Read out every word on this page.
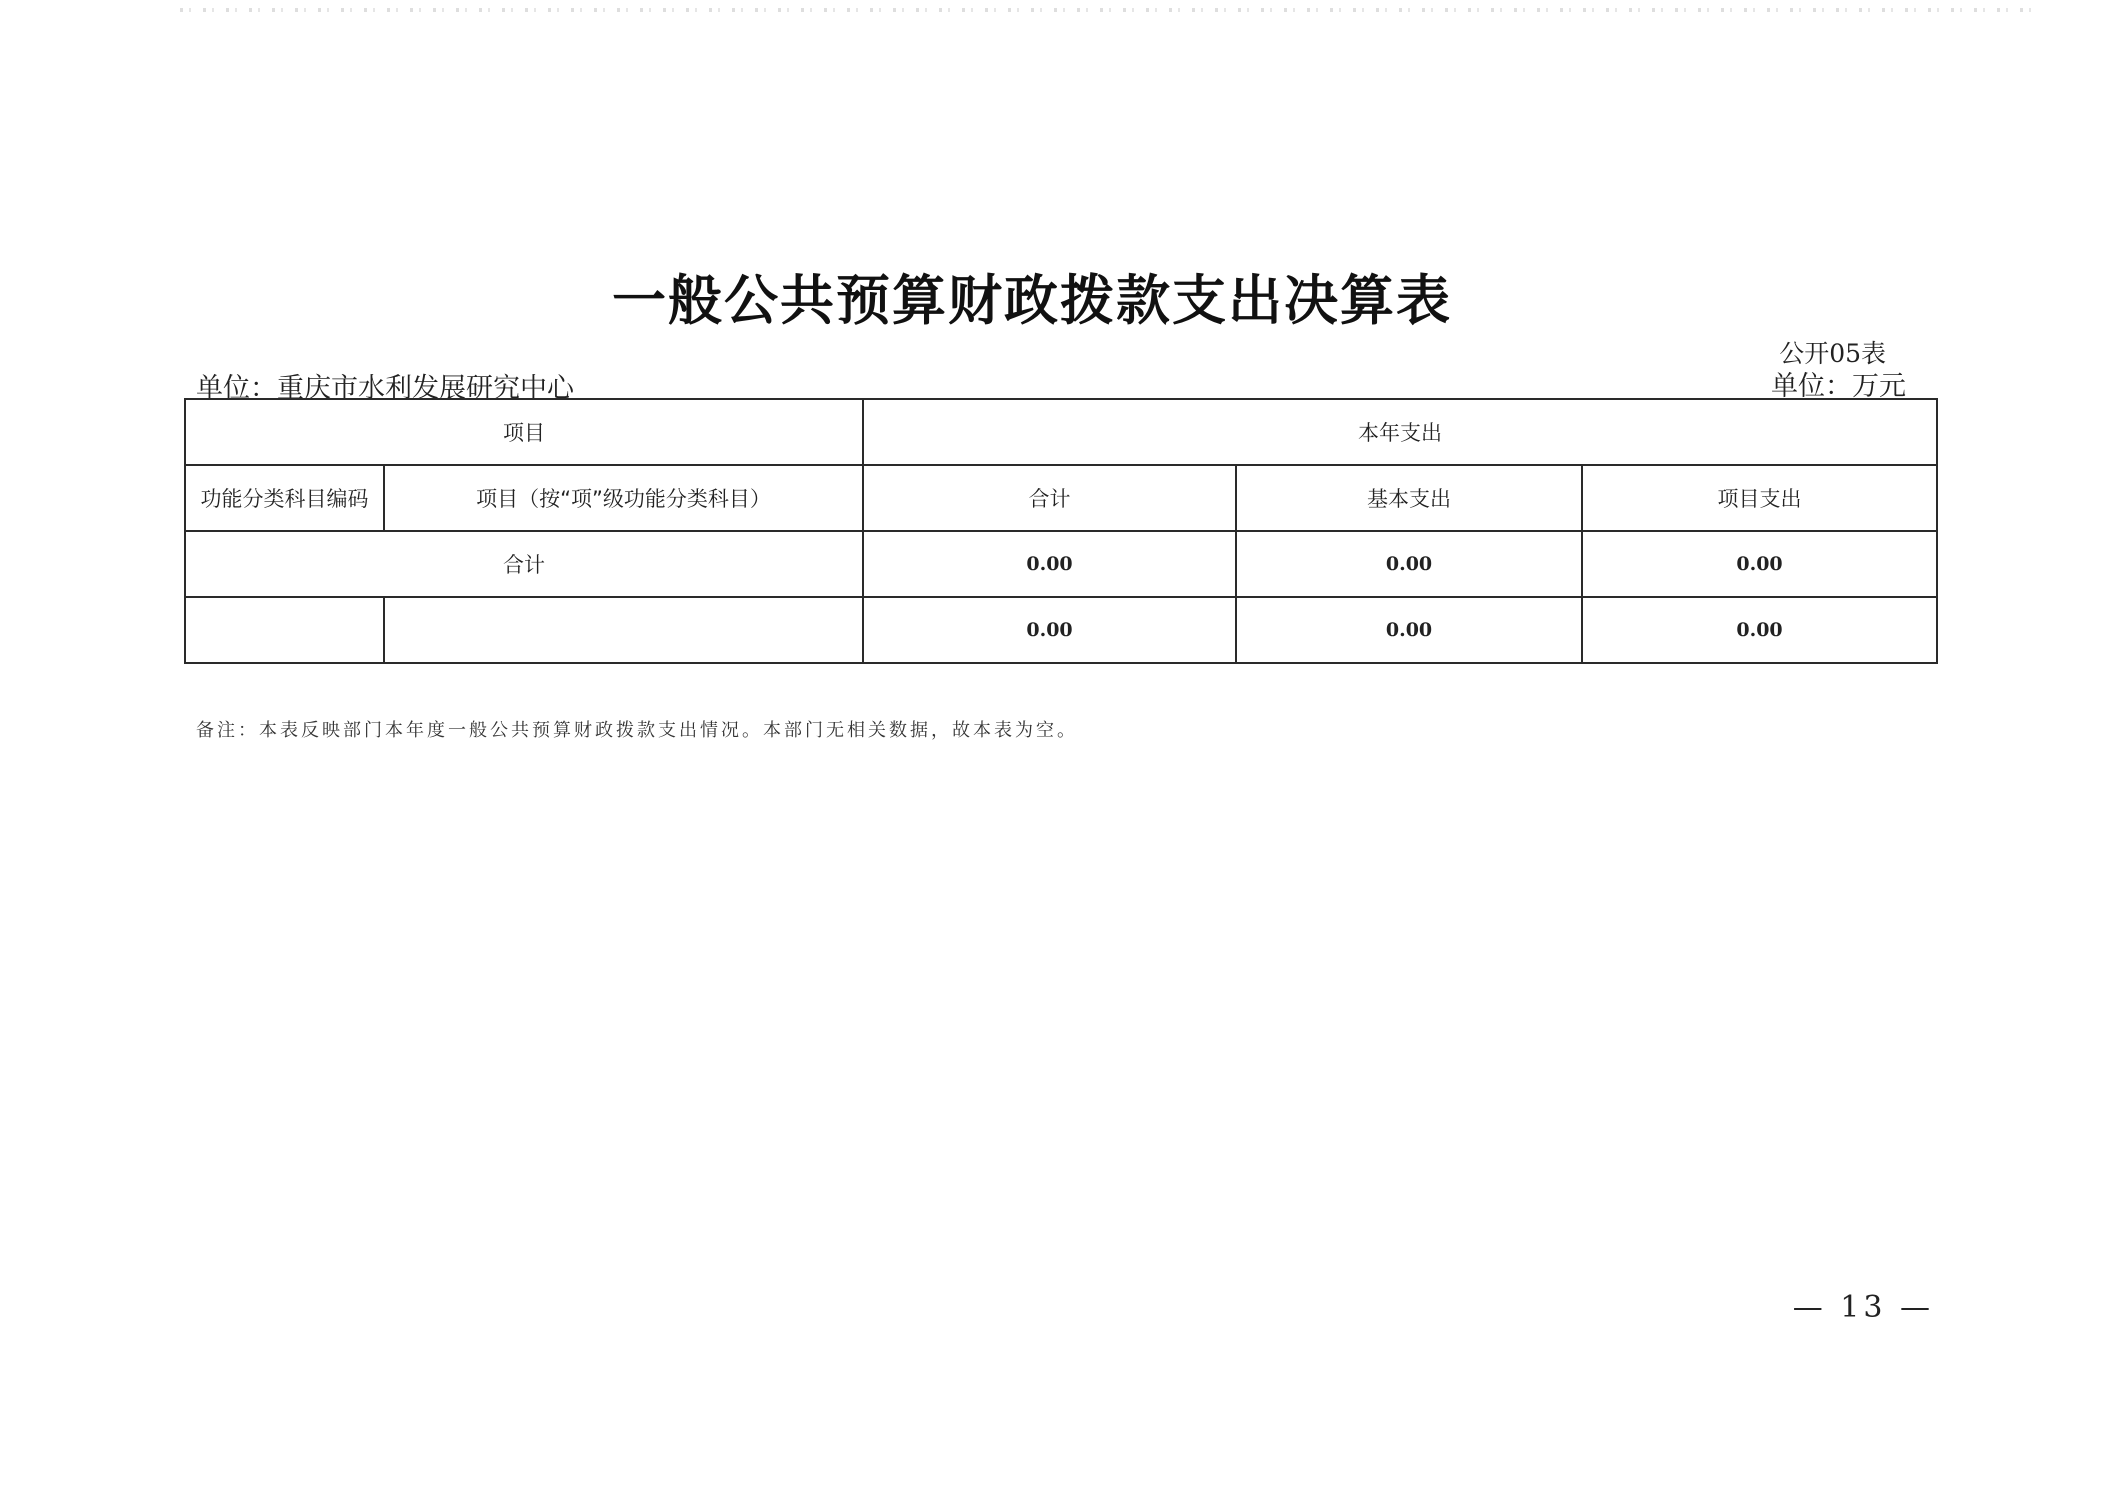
一般公共预算财政拨款支出决算表
公开05表
单位：万元
单位：重庆市水利发展研究中心
项目		本年支出		
功能分类科目编码	项目（按“项”级功能分类科目）	合计	基本支出	项目支出
合计		0.00	0.00	0.00
		0.00	0.00	0.00
备注：本表反映部门本年度一般公共预算财政拨款支出情况。本部门无相关数据，故本表为空。
— 13 —
